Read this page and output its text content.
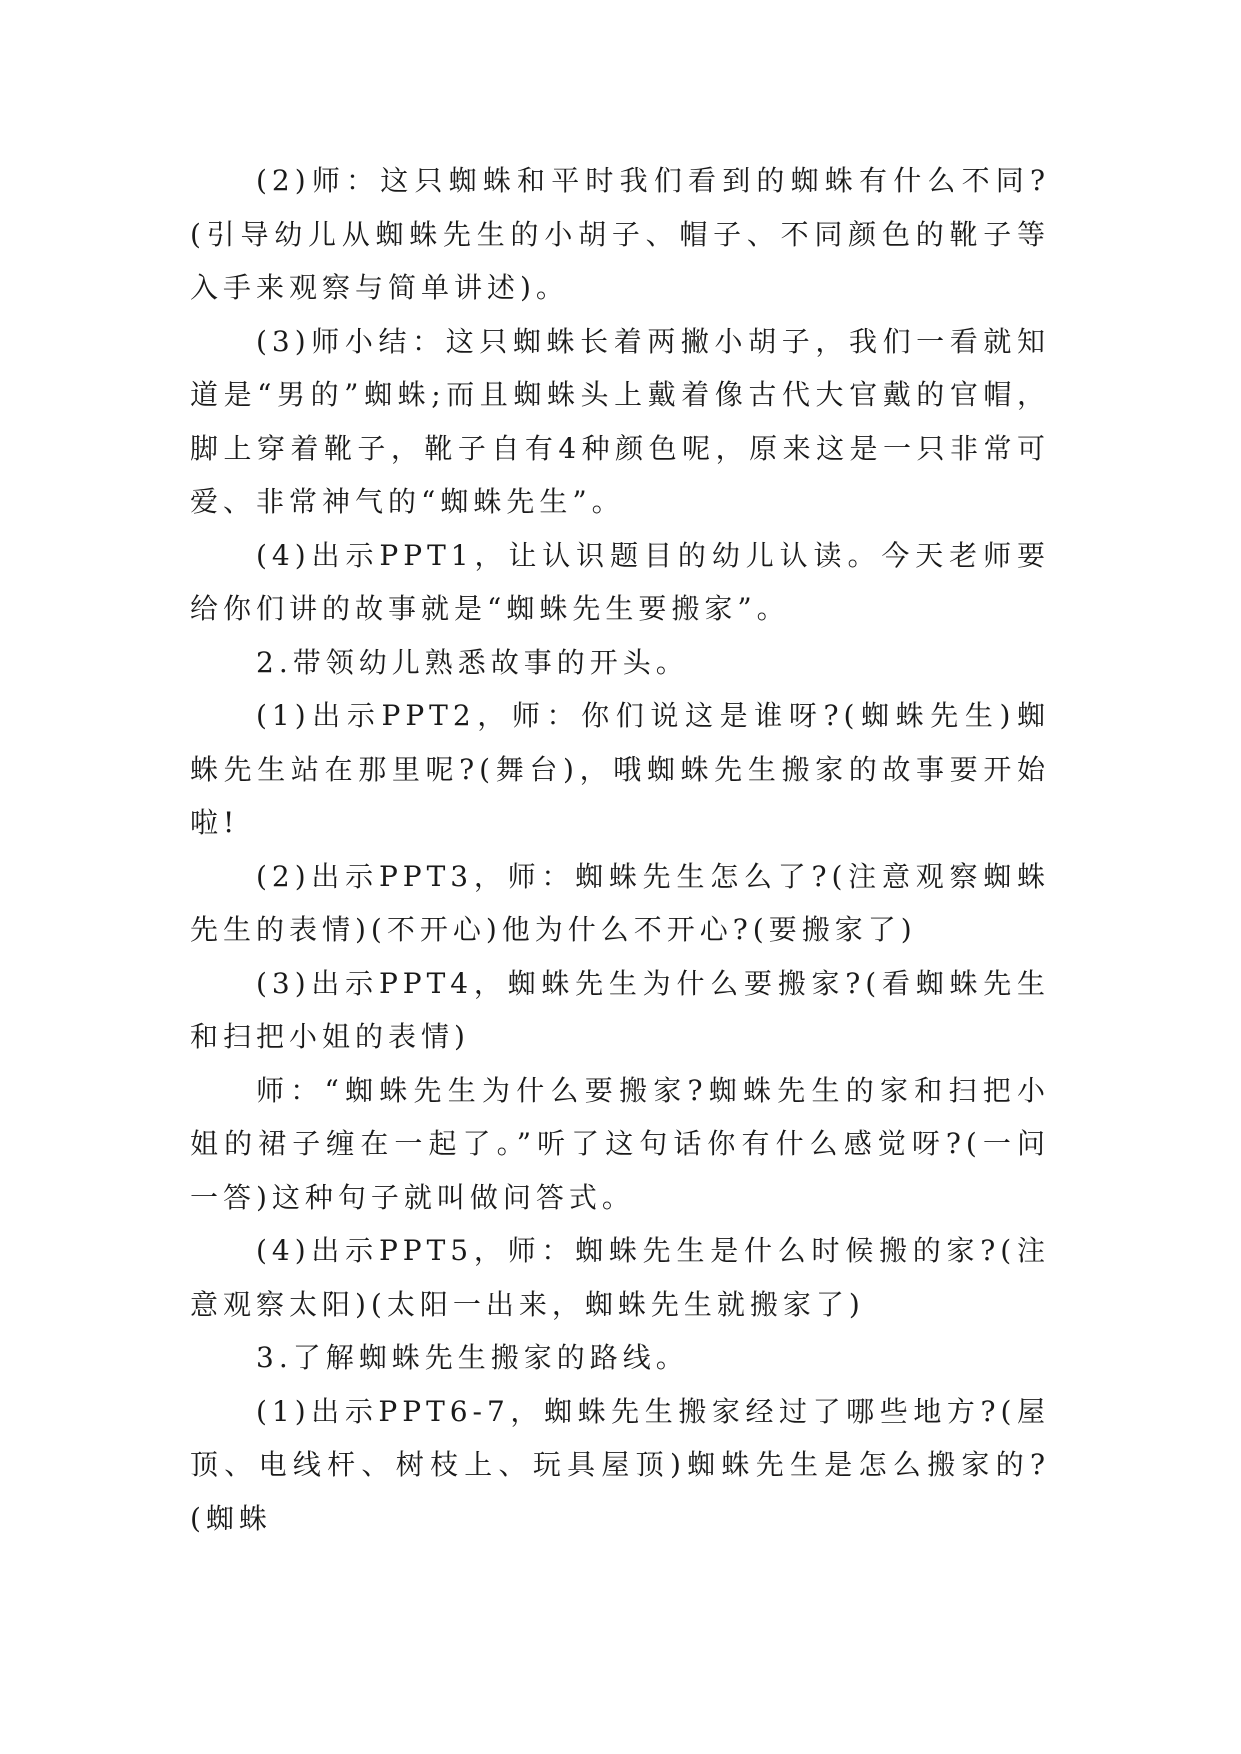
(2)师：这只蜘蛛和平时我们看到的蜘蛛有什么不同?(引导幼儿从蜘蛛先生的小胡子、帽子、不同颜色的靴子等入手来观察与简单讲述)。

(3)师小结：这只蜘蛛长着两撇小胡子，我们一看就知道是“男的”蜘蛛;而且蜘蛛头上戴着像古代大官戴的官帽，脚上穿着靴子，靴子自有4种颜色呢，原来这是一只非常可爱、非常神气的“蜘蛛先生”。

(4)出示PPT1，让认识题目的幼儿认读。今天老师要给你们讲的故事就是“蜘蛛先生要搬家”。

2.带领幼儿熟悉故事的开头。

(1)出示PPT2，师：你们说这是谁呀?(蜘蛛先生)蜘蛛先生站在那里呢?(舞台)，哦蜘蛛先生搬家的故事要开始啦!

(2)出示PPT3，师：蜘蛛先生怎么了?(注意观察蜘蛛先生的表情)(不开心)他为什么不开心?(要搬家了)

(3)出示PPT4，蜘蛛先生为什么要搬家?(看蜘蛛先生和扫把小姐的表情)

师：“蜘蛛先生为什么要搬家?蜘蛛先生的家和扫把小姐的裙子缠在一起了。”听了这句话你有什么感觉呀?(一问一答)这种句子就叫做问答式。

(4)出示PPT5，师：蜘蛛先生是什么时候搬的家?(注意观察太阳)(太阳一出来，蜘蛛先生就搬家了)

3.了解蜘蛛先生搬家的路线。

(1)出示PPT6-7，蜘蛛先生搬家经过了哪些地方?(屋顶、电线杆、树枝上、玩具屋顶)蜘蛛先生是怎么搬家的?(蜘蛛
